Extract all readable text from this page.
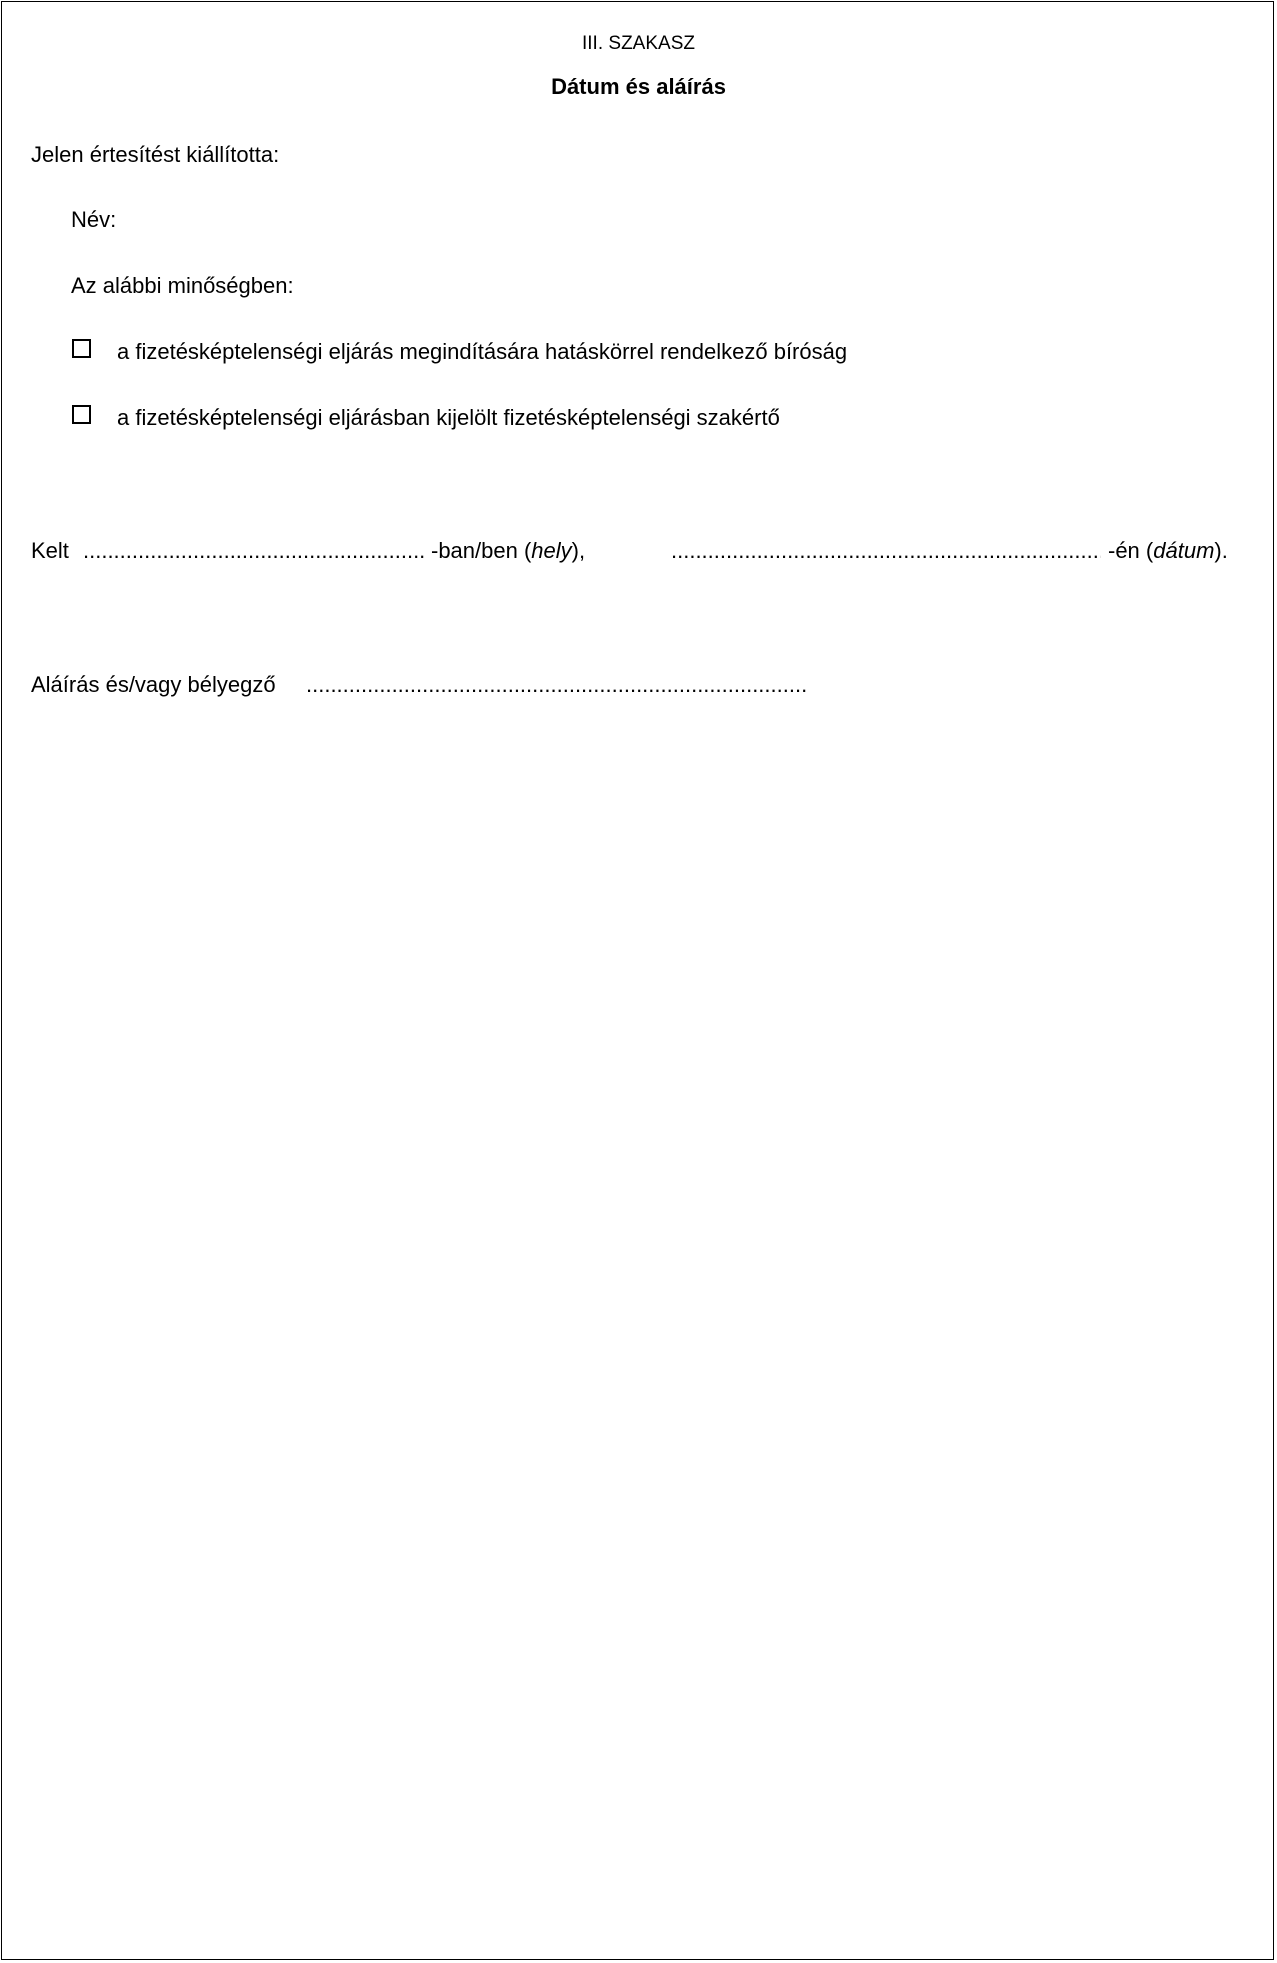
III. SZAKASZ
Dátum és aláírás
Jelen értesítést kiállította:
Név:
Az alábbi minőségben:
a fizetésképtelenségi eljárás megindítására hatáskörrel rendelkező bíróság
a fizetésképtelenségi eljárásban kijelölt fizetésképtelenségi szakértő
Kelt .....	-ban/ben (hely), .....	-én (dátum).
Aláírás és/vagy bélyegző
.....
